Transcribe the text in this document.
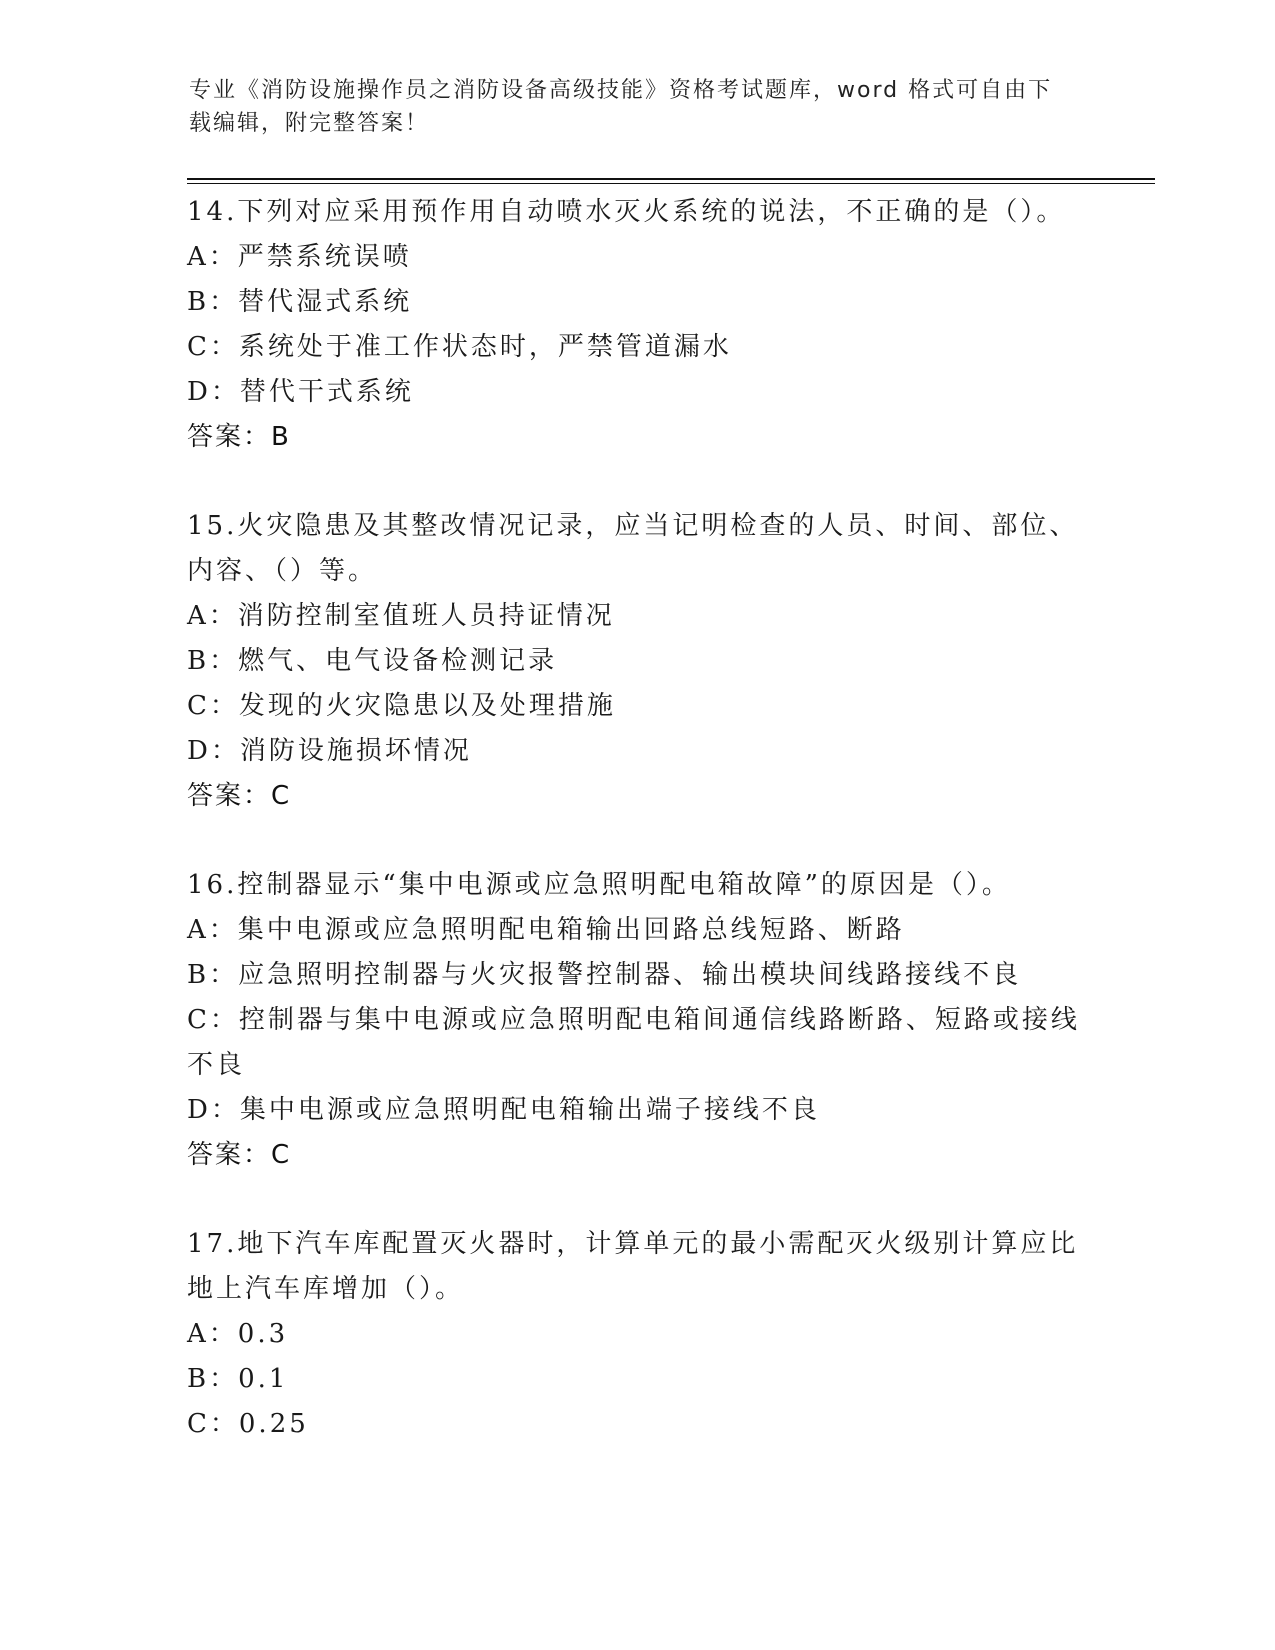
专业《消防设施操作员之消防设备高级技能》资格考试题库，word 格式可自由下
载编辑，附完整答案！

14.下列对应采用预作用自动喷水灭火系统的说法，不正确的是（）。

A：严禁系统误喷

B：替代湿式系统

C：系统处于准工作状态时，严禁管道漏水

D：替代干式系统

答案：B

15.火灾隐患及其整改情况记录，应当记明检查的人员、时间、部位、内容、（）等。

A：消防控制室值班人员持证情况

B：燃气、电气设备检测记录

C：发现的火灾隐患以及处理措施

D：消防设施损坏情况

答案：C

16.控制器显示“集中电源或应急照明配电箱故障”的原因是（）。

A：集中电源或应急照明配电箱输出回路总线短路、断路

B：应急照明控制器与火灾报警控制器、输出模块间线路接线不良

C：控制器与集中电源或应急照明配电箱间通信线路断路、短路或接线不良

D：集中电源或应急照明配电箱输出端子接线不良

答案：C

17.地下汽车库配置灭火器时，计算单元的最小需配灭火级别计算应比地上汽车库增加（）。

A：0.3

B：0.1

C：0.25
